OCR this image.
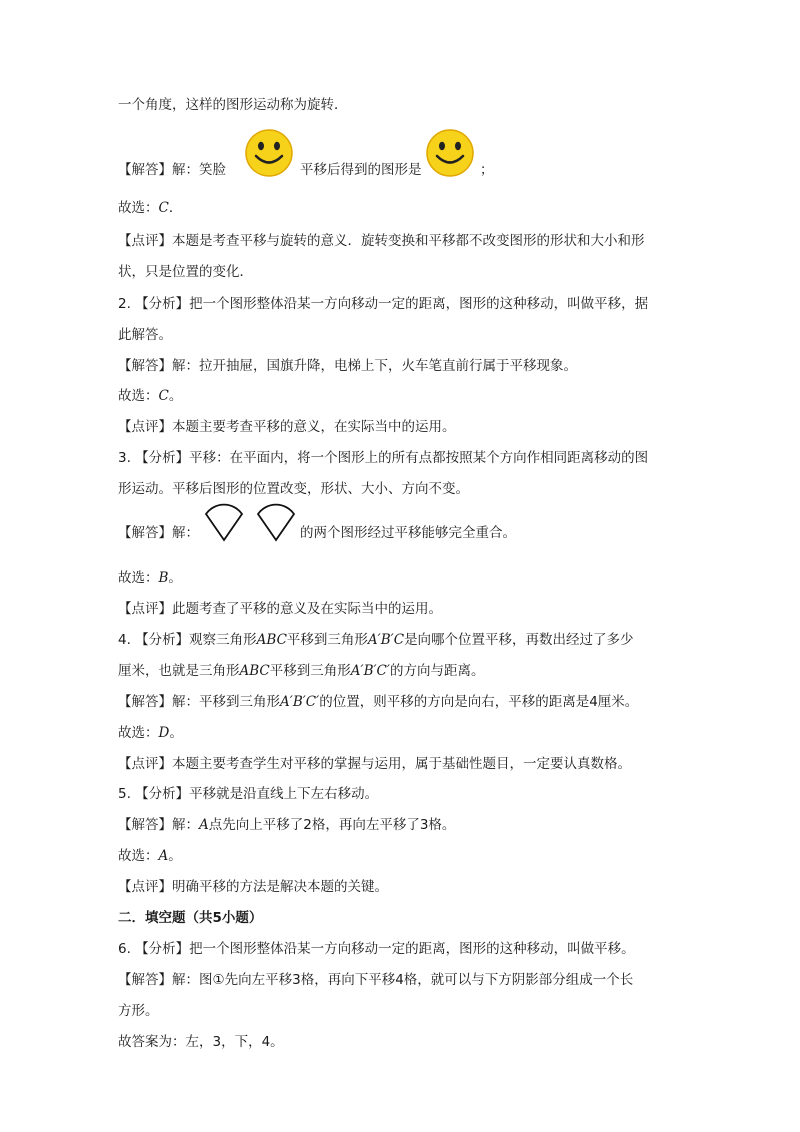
一个角度，这样的图形运动称为旋转．
【解答】解：笑脸	平移后得到的图形是	；
故选：C．
【点评】本题是考查平移与旋转的意义．旋转变换和平移都不改变图形的形状和大小和形
状，只是位置的变化．
2. 【分析】把一个图形整体沿某一方向移动一定的距离，图形的这种移动，叫做平移，据
此解答。
【解答】解：拉开抽屉，国旗升降，电梯上下，火车笔直前行属于平移现象。
故选：C。
【点评】本题主要考查平移的意义，在实际当中的运用。
3. 【分析】平移：在平面内，将一个图形上的所有点都按照某个方向作相同距离移动的图
形运动。平移后图形的位置改变，形状、大小、方向不变。
【解答】解：	的两个图形经过平移能够完全重合。
故选：B。
【点评】此题考查了平移的意义及在实际当中的运用。
4. 【分析】观察三角形ABC平移到三角形A′B′C是向哪个位置平移，再数出经过了多少
厘米，也就是三角形ABC平移到三角形A′B′C′的方向与距离。
【解答】解：平移到三角形A′B′C′的位置，则平移的方向是向右，平移的距离是4厘米。
故选：D。
【点评】本题主要考查学生对平移的掌握与运用，属于基础性题目，一定要认真数格。
5. 【分析】平移就是沿直线上下左右移动。
【解答】解：A点先向上平移了2格，再向左平移了3格。
故选：A。
【点评】明确平移的方法是解决本题的关键。
二．填空题（共5小题）
6. 【分析】把一个图形整体沿某一方向移动一定的距离，图形的这种移动，叫做平移。
【解答】解：图①先向左平移3格，再向下平移4格，就可以与下方阴影部分组成一个长
方形。
故答案为：左，3，下，4。
